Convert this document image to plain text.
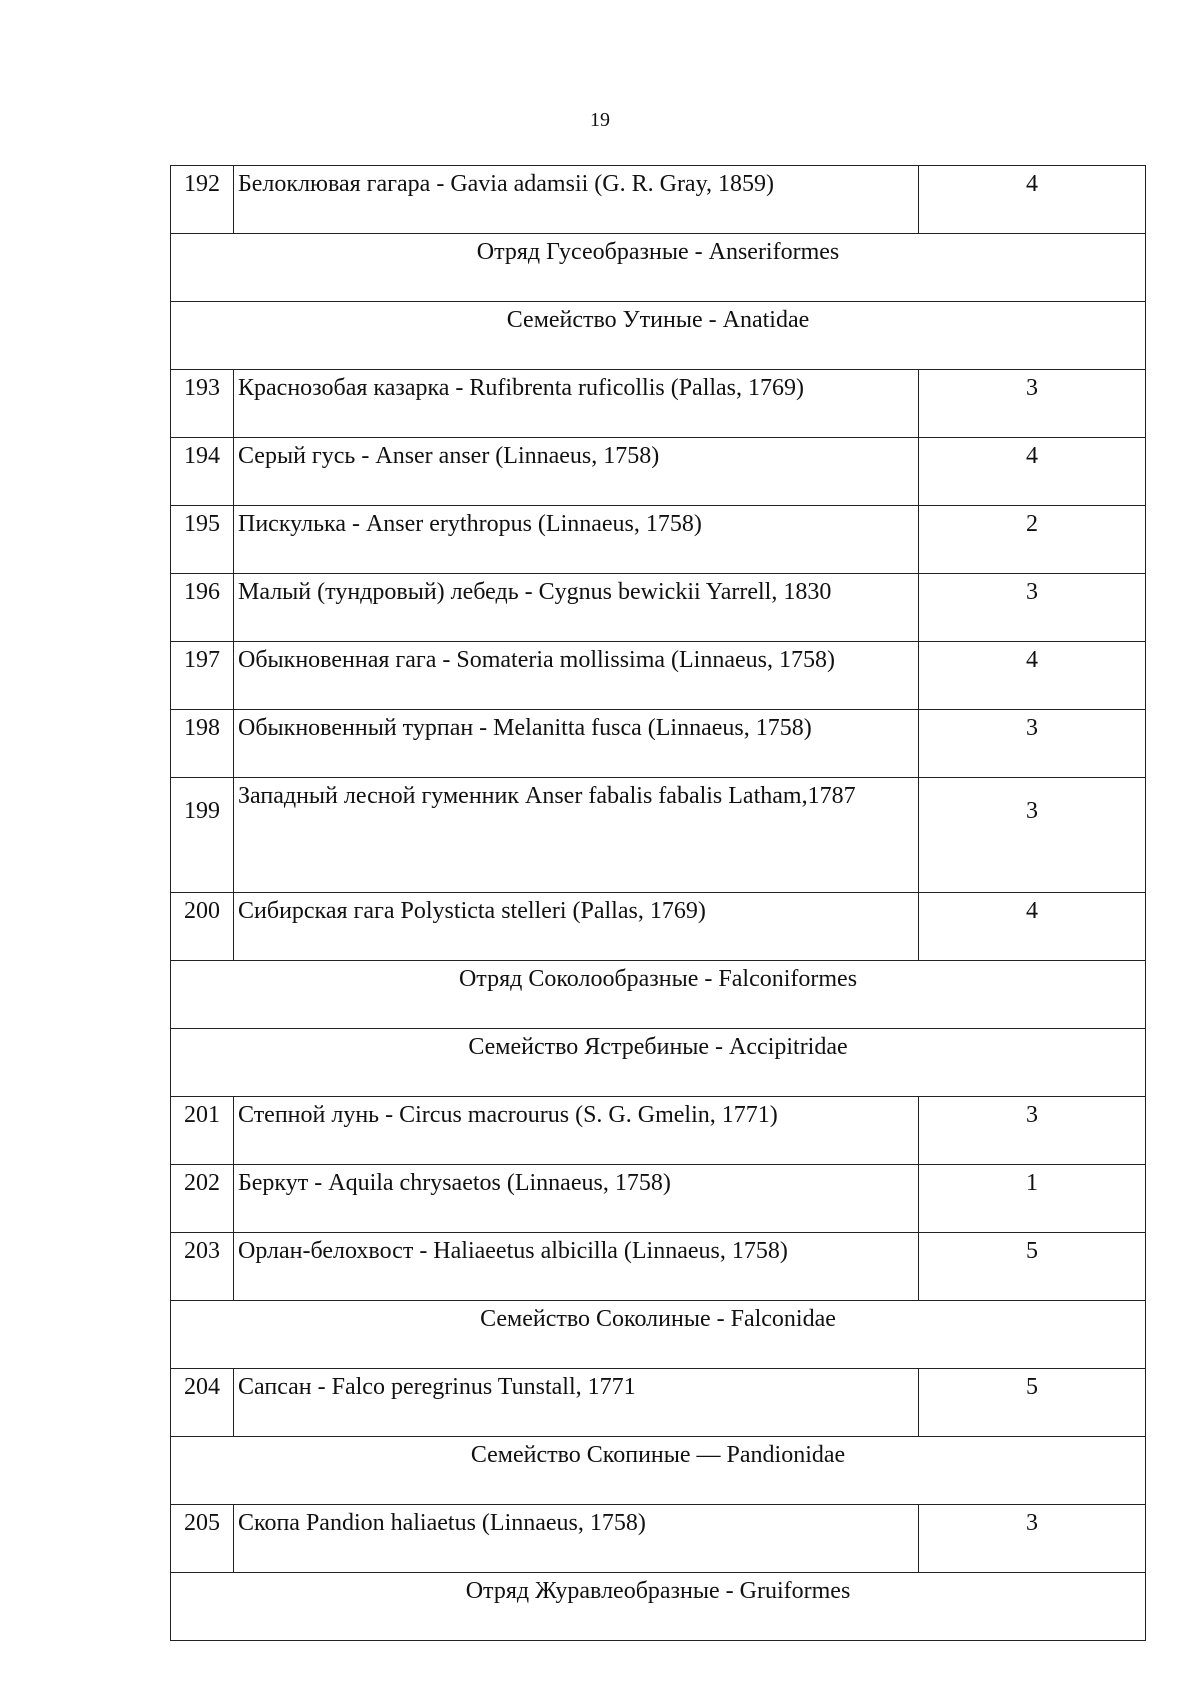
19
192	Белоклювая гагара - Gavia adamsii (G. R. Gray, 1859)	4
Отряд Гусеобразные - Anseriformes		
Семейство Утиные - Anatidae		
193	Краснозобая казарка - Rufibrenta ruficollis (Pallas, 1769)	3
194	Серый гусь - Anser anser (Linnaeus, 1758)	4
195	Пискулька - Anser erythropus (Linnaeus, 1758)	2
196	Малый (тундровый) лебедь - Cygnus bewickii Yarrell, 1830	3
197	Обыкновенная гага - Somateria mollissima (Linnaeus, 1758)	4
198	Обыкновенный турпан - Melanitta fusca (Linnaeus, 1758)	3
199	Западный лесной гуменник Anser fabalis fabalis Latham,1787	3
200	Сибирская гага Polysticta stelleri (Pallas, 1769)	4
Отряд Соколообразные - Falconiformes		
Семейство Ястребиные - Accipitridae		
201	Степной лунь - Circus macrourus (S. G. Gmelin, 1771)	3
202	Беркут - Aquila chrysaetos (Linnaeus, 1758)	1
203	Орлан-белохвост - Haliaeetus albicilla (Linnaeus, 1758)	5
Семейство Соколиные - Falconidae		
204	Сапсан - Falco peregrinus Tunstall, 1771	5
Семейство Скопиные — Pandionidae		
205	Скопа Pandion haliaetus (Linnaeus, 1758)	3
Отряд Журавлеобразные - Gruiformes		
